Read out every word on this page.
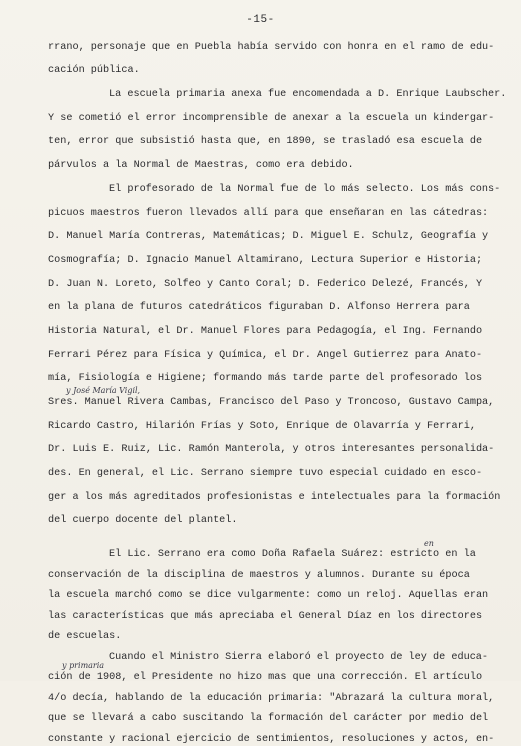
-15-
rrano, personaje que en Puebla había servido con honra en el ramo de edu-
cación pública.
La escuela primaria anexa fue encomendada a D. Enrique Laubscher.
Y se cometió el error incomprensible de anexar a la escuela un kindergar-
ten, error que subsistió hasta que, en 1890, se trasladó esa escuela de
párvulos a la Normal de Maestras, como era debido.
El profesorado de la Normal fue de lo más selecto. Los más cons-
picuos maestros fueron llevados allí para que enseñaran en las cátedras:
D. Manuel María Contreras, Matemáticas; D. Miguel E. Schulz, Geografía y
Cosmografía; D. Ignacio Manuel Altamirano, Lectura Superior e Historia;
D. Juan N. Loreto, Solfeo y Canto Coral; D. Federico Delezé, Francés, Y
en la plana de futuros catedráticos figuraban D. Alfonso Herrera para
Historia Natural, el Dr. Manuel Flores para Pedagogía, el Ing. Fernando
Ferrari Pérez para Física y Química, el Dr. Angel Gutierrez para Anato-
mía, Fisiología e Higiene; formando más tarde parte del profesorado los
Sres. Manuel Rivera Cambas, Francisco del Paso y Troncoso, Gustavo Campa,
Ricardo Castro, Hilarión Frías y Soto, Enrique de Olavarría y Ferrari,
Dr. Luis E. Ruiz, Lic. Ramón Manterola, y otros interesantes personalida-
des. En general, el Lic. Serrano siempre tuvo especial cuidado en esco-
ger a los más agreditados profesionistas e intelectuales para la formación
del cuerpo docente del plantel.
El Lic. Serrano era como Doña Rafaela Suárez: estricto en la
conservación de la disciplina de maestros y alumnos. Durante su época
la escuela marchó como se dice vulgarmente: como un reloj. Aquellas eran
las características que más apreciaba el General Díaz en los directores
de escuelas.
Cuando el Ministro Sierra elaboró el proyecto de ley de educa-
ción de 1908, el Presidente no hizo mas que una corrección. El artículo
4/o decía, hablando de la educación primaria: "Abrazará la cultura moral,
que se llevará a cabo suscitando la formación del carácter por medio del
constante y racional ejercicio de sentimientos, resoluciones y actos, en-
y José María Vigil,
en
y primaria
